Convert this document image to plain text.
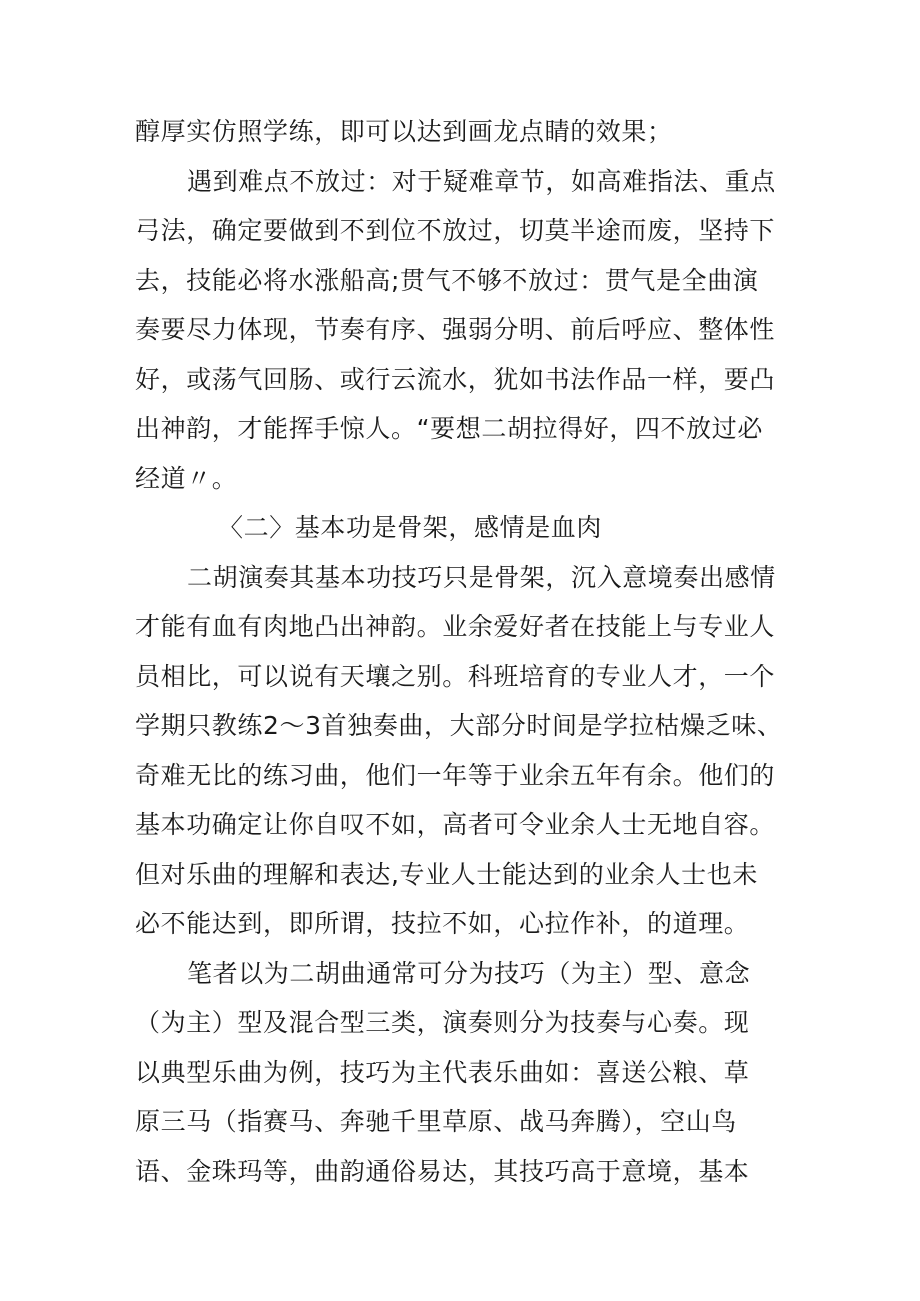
醇厚实仿照学练，即可以达到画龙点睛的效果；
遇到难点不放过：对于疑难章节，如高难指法、重点
弓法，确定要做到不到位不放过，切莫半途而废，坚持下
去，技能必将水涨船高;贯气不够不放过：贯气是全曲演
奏要尽力体现，节奏有序、强弱分明、前后呼应、整体性
好，或荡气回肠、或行云流水，犹如书法作品一样，要凸
出神韵，才能挥手惊人。“要想二胡拉得好，四不放过必
经道〃。
〈二〉基本功是骨架，感情是血肉
二胡演奏其基本功技巧只是骨架，沉入意境奏出感情
才能有血有肉地凸出神韵。业余爱好者在技能上与专业人
员相比，可以说有天壤之别。科班培育的专业人才，一个
学期只教练2～3首独奏曲，大部分时间是学拉枯燥乏味、
奇难无比的练习曲，他们一年等于业余五年有余。他们的
基本功确定让你自叹不如，高者可令业余人士无地自容。
但对乐曲的理解和表达,专业人士能达到的业余人士也未
必不能达到，即所谓，技拉不如，心拉作补，的道理。
笔者以为二胡曲通常可分为技巧（为主）型、意念
（为主）型及混合型三类，演奏则分为技奏与心奏。现
以典型乐曲为例，技巧为主代表乐曲如：喜送公粮、草
原三马（指赛马、奔驰千里草原、战马奔腾），空山鸟
语、金珠玛等，曲韵通俗易达，其技巧高于意境，基本
